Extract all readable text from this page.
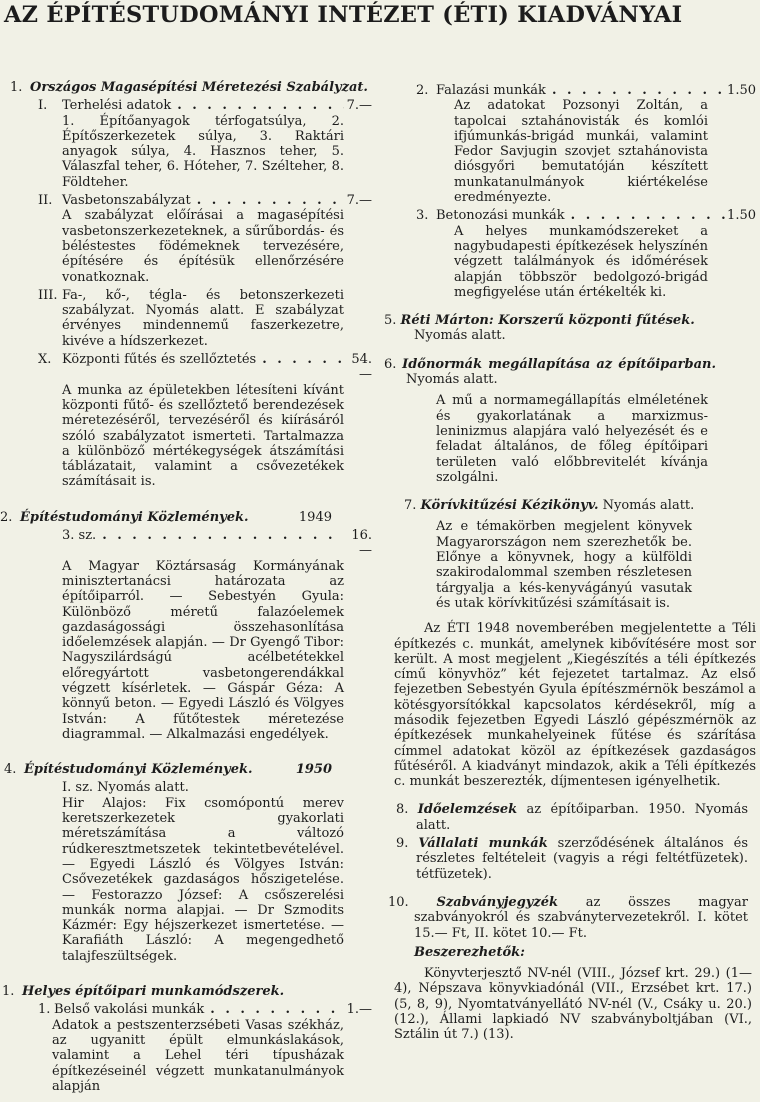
AZ ÉPÍTÉSTUDOMÁNYI INTÉZET (ÉTI) KIADVÁNYAI
1. Országos Magasépítési Méretezési Szabályzat.
I.	Terhelési adatok . . .	7.—
1. Építőanyagok térfogatsúlya, 2. Építőszerkezetek súlya, 3. Raktári anyagok súlya, 4. Hasznos teher, 5. Válaszfal teher, 6. Hóteher, 7. Szélteher, 8. Földteher.
II. Vasbetonszabályzat . . .	7.—
A szabályzat előírásai a magasépítési vasbetonszerkezeteknek, a sűrűbordás- és béléstestes födémeknek tervezésére, építésére és építésük ellenőrzésére vonatkoznak.
III. Fa-, kő-, tégla- és betonszerkezeti szabályzat. Nyomás alatt. E szabályzat érvényes mindennemű faszerkezetre, kivéve a hídszerkezet.
X. Központi fűtés és szellőztetés . . .	54.—
A munka az épületekben létesíteni kívánt központi fűtő- és szellőztető berendezések méretezéséről, tervezéséről és kiírásáról szóló szabályzatot ismerteti. Tartalmazza a különböző mértékegységek átszámítási táblázatait, valamint a csővezetékek számításait is.
2. Építéstudományi Közlemények.	1949
3. sz. . . .	16.—
A Magyar Köztársaság Kormányának minisztertanácsi határozata az építőiparról. — Sebestyén Gyula: Különböző méretű falazóelemek gazdaságossági összehasonlítása időelemzések alapján. — Dr Gyengő Tibor: Nagyszilárdságú acélbetétekkel előregyártott vasbetongerendákkal végzett kísérletek. — Gáspár Géza: A könnyű beton. — Egyedi László és Völgyes István: A fűtőtestek méretezése diagrammal. — Alkalmazási engedélyek.
4. Építéstudományi Közlemények.	1950
I. sz. Nyomás alatt.
Hir Alajos: Fix csomópontú merev keretszerkezetek gyakorlati méretszámítása a változó rúdkeresztmetszetek tekintetbevételével. — Egyedi László és Völgyes István: Csővezetékek gazdaságos hőszigetelése. — Festorazzo József: A csőszerelési munkák norma alapjai. — Dr Szmodits Kázmér: Egy héjszerkezet ismertetése. — Karafiáth László: A megengedhető talajfeszültségek.
1. Helyes építőipari munkamódszerek.
1. Belső vakolási munkák . . .	1.—
Adatok a pestszenterzsébeti Vasas székház, az ugyanitt épült elmunkáslakások, valamint a Lehel téri típusházak építkezéseinél végzett munkatanulmányok alapján
2. Falazási munkák . . .	1.50
Az adatokat Pozsonyi Zoltán, a tapolcai sztahánovisták és komlói ifjúmunkás-brigád munkái, valamint Fedor Savjugin szovjet sztahánovista diósgyőri bemutatóján készített munkatanulmányok kiértékelése eredményezte.
3. Betonozási munkák . . .	1.50
A helyes munkamódszereket a nagybudapesti építkezések helyszínén végzett találmányok és időmérések alapján többször bedolgozó-brigád megfigyelése után értékelték ki.
5. Réti Márton: Korszerű központi fűtések.
Nyomás alatt.
6. Időnormák megállapítása az építőiparban. Nyomás alatt.
A mű a normamegállapítás elméletének és gyakorlatának a marxizmus-leninizmus alapjára való helyezését és e feladat általános, de főleg építőipari területen való előbbrevitelét kívánja szolgálni.
7. Körívkitűzési Kézikönyv. Nyomás alatt.
Az e témakörben megjelent könyvek Magyarországon nem szerezhetők be. Előnye a könyvnek, hogy a külföldi szakirodalommal szemben részletesen tárgyalja a kés-kenyvágányú vasutak és utak körívkitűzési számításait is.
Az ÉTI 1948 novemberében megjelentette a Téli építkezés c. munkát, amelynek kibővítésére most sor került. A most megjelent „Kiegészítés a téli építkezés című könyvhöz” két fejezetet tartalmaz. Az első fejezetben Sebestyén Gyula építészmérnök beszámol a kötésgyorsítókkal kapcsolatos kérdésekről, míg a második fejezetben Egyedi László gépészmérnök az építkezések munkahelyeinek fűtése és szárítása címmel adatokat közöl az építkezések gazdaságos fűtéséről. A kiadványt mindazok, akik a Téli építkezés c. munkát beszerezték, díjmentesen igényelhetik.
8. Időelemzések az építőiparban. 1950. Nyomás alatt.
9. Vállalati munkák szerződésének általános és részletes feltételeit (vagyis a régi feltétfüzetek). tétfüzetek).
10. Szabványjegyzék az összes magyar szabványokról és szabványtervezetekről. I. kötet 15.— Ft, II. kötet 10.— Ft.
Beszerezhetők:
Könyvterjesztő NV-nél (VIII., József krt. 29.) (1—4), Népszava könyvkiadónál (VII., Erzsébet krt. 17.) (5, 8, 9), Nyomtatványellátó NV-nél (V., Csáky u. 20.) (12.), Állami lapkiadó NV szabványboltjában (VI., Sztálin út 7.) (13).
